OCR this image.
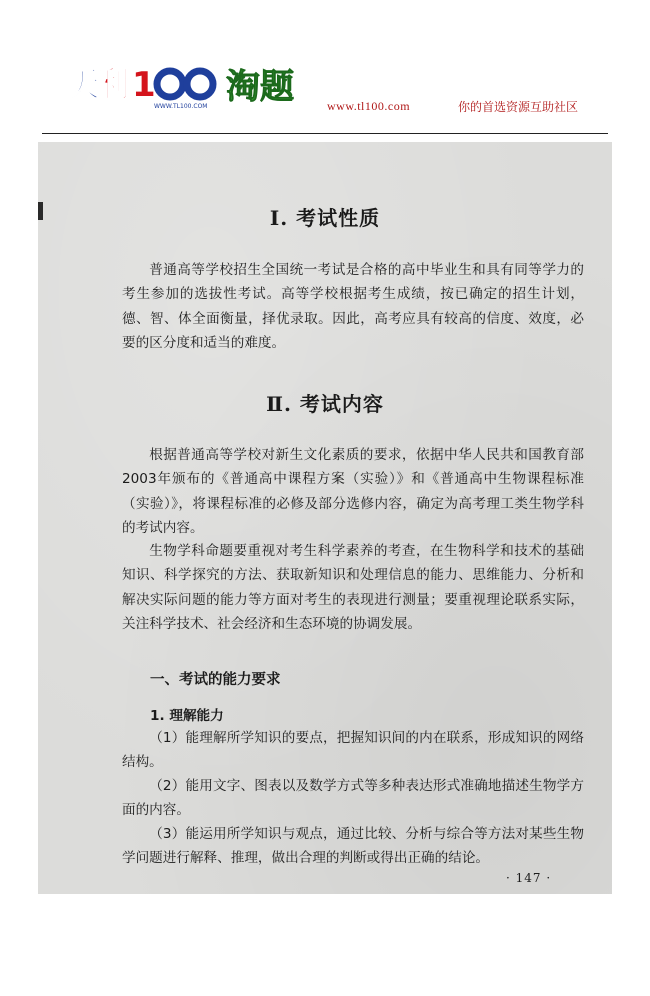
天
利 1
WWW.TL100.COM 淘题	www.tl100.com	你的首选资源互助社区
Ⅰ. 考试性质

普通高等学校招生全国统一考试是合格的高中毕业生和具有同等学力的考生参加的选拔性考试。高等学校根据考生成绩，按已确定的招生计划，德、智、体全面衡量，择优录取。因此，高考应具有较高的信度、效度，必要的区分度和适当的难度。

Ⅱ. 考试内容

根据普通高等学校对新生文化素质的要求，依据中华人民共和国教育部2003年颁布的《普通高中课程方案（实验）》和《普通高中生物课程标准（实验）》，将课程标准的必修及部分选修内容，确定为高考理工类生物学科的考试内容。

生物学科命题要重视对考生科学素养的考查，在生物科学和技术的基础知识、科学探究的方法、获取新知识和处理信息的能力、思维能力、分析和解决实际问题的能力等方面对考生的表现进行测量；要重视理论联系实际，关注科学技术、社会经济和生态环境的协调发展。

一、考试的能力要求
1. 理解能力

（1）能理解所学知识的要点，把握知识间的内在联系，形成知识的网络结构。

（2）能用文字、图表以及数学方式等多种表达形式准确地描述生物学方面的内容。

（3）能运用所学知识与观点，通过比较、分析与综合等方法对某些生物学问题进行解释、推理，做出合理的判断或得出正确的结论。

· 147 ·
